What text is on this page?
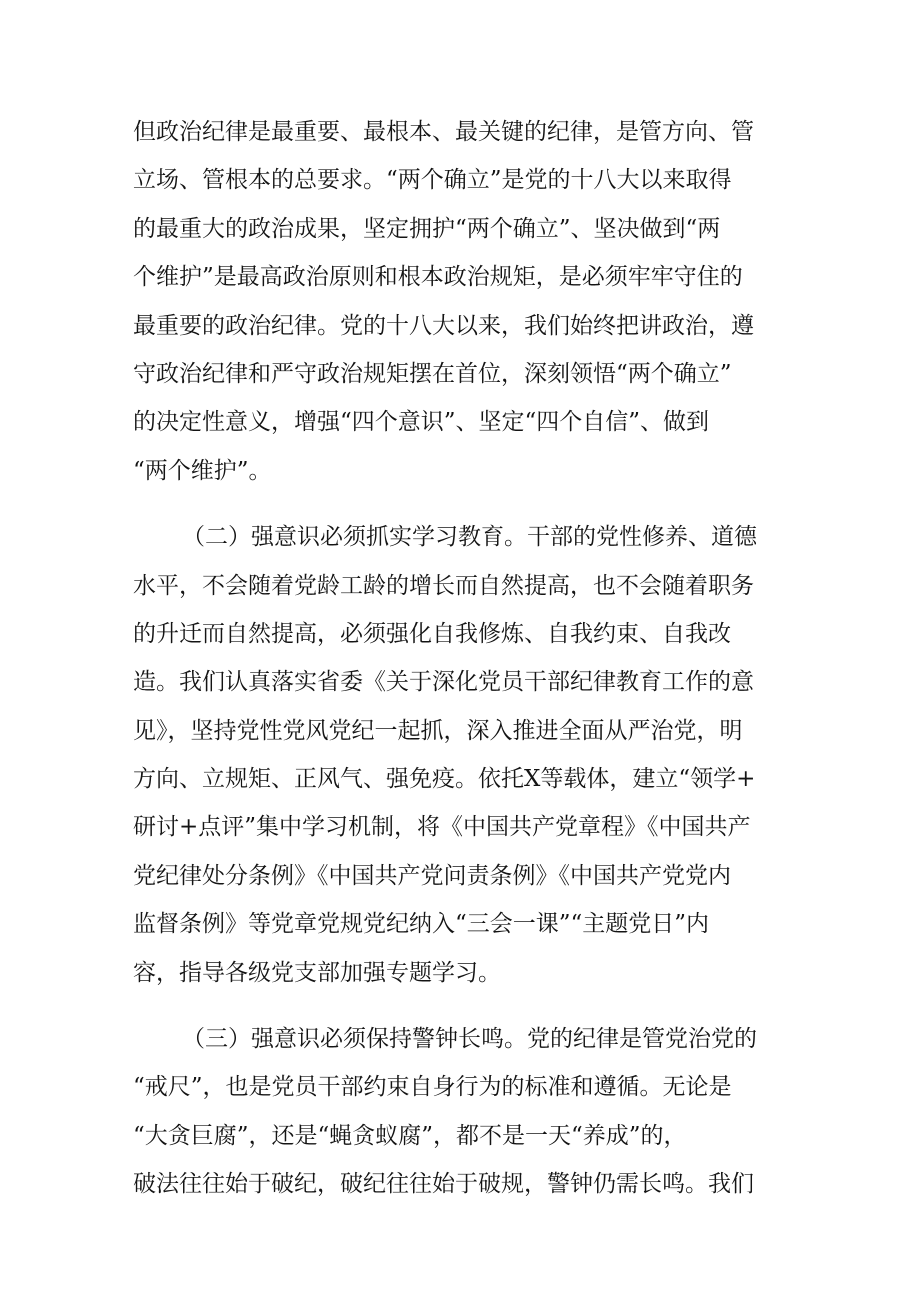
但政治纪律是最重要、最根本、最关键的纪律，是管方向、管
立场、管根本的总要求。“两个确立”是党的十八大以来取得
的最重大的政治成果，坚定拥护“两个确立”、坚决做到“两
个维护”是最高政治原则和根本政治规矩，是必须牢牢守住的
最重要的政治纪律。党的十八大以来，我们始终把讲政治，遵
守政治纪律和严守政治规矩摆在首位，深刻领悟“两个确立”
的决定性意义，增强“四个意识”、坚定“四个自信”、做到
“两个维护”。
（二）强意识必须抓实学习教育。干部的党性修养、道德
水平，不会随着党龄工龄的增长而自然提高，也不会随着职务
的升迁而自然提高，必须强化自我修炼、自我约束、自我改
造。我们认真落实省委《关于深化党员干部纪律教育工作的意
见》，坚持党性党风党纪一起抓，深入推进全面从严治党，明
方向、立规矩、正风气、强免疫。依托X等载体，建立“领学+
研讨+点评”集中学习机制，将《中国共产党章程》《中国共产
党纪律处分条例》《中国共产党问责条例》《中国共产党党内
监督条例》等党章党规党纪纳入“三会一课”“主题党日”内
容，指导各级党支部加强专题学习。
（三）强意识必须保持警钟长鸣。党的纪律是管党治党的
“戒尺”，也是党员干部约束自身行为的标准和遵循。无论是
“大贪巨腐”，还是“蝇贪蚁腐”，都不是一天“养成”的，
破法往往始于破纪，破纪往往始于破规，警钟仍需长鸣。我们
